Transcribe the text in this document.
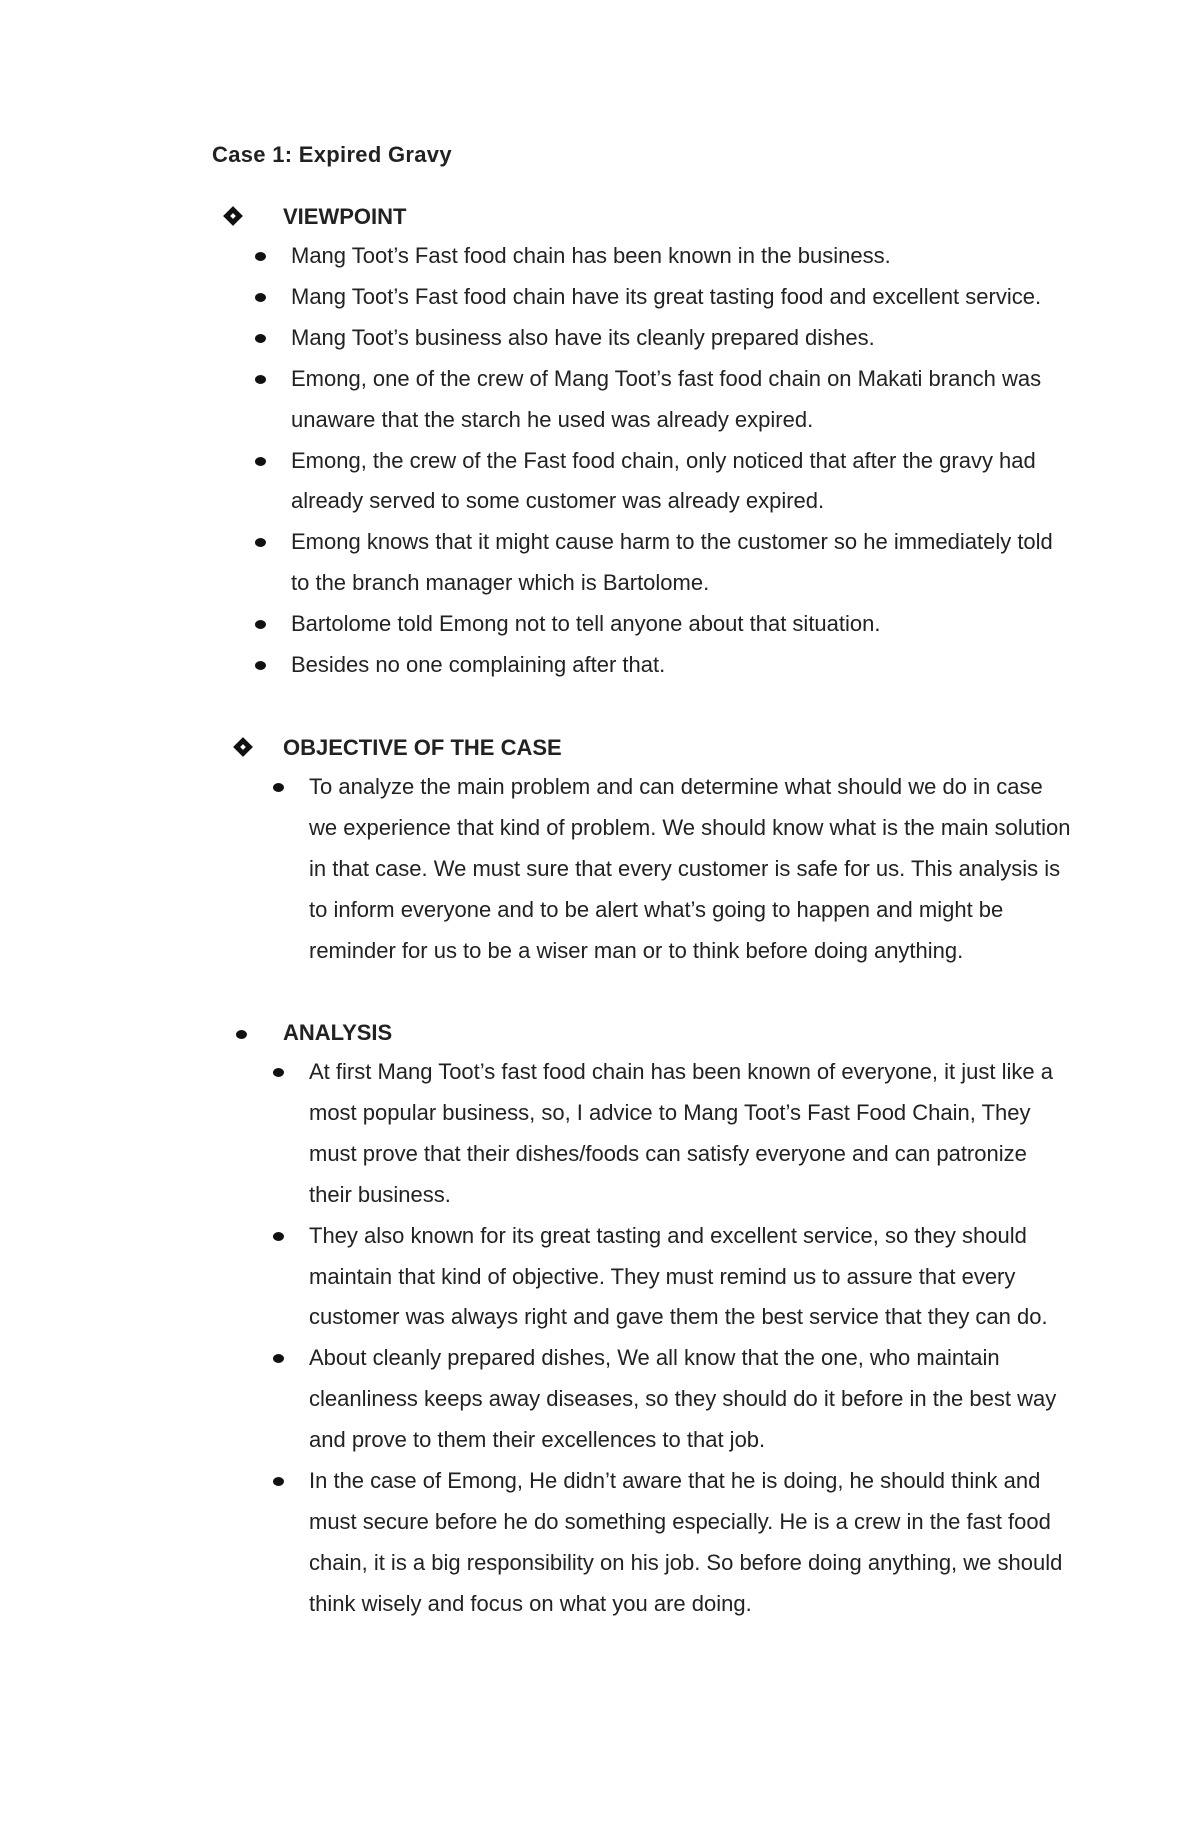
Case 1: Expired Gravy
VIEWPOINT
Mang Toot’s Fast food chain has been known in the business.
Mang Toot’s Fast food chain have its great tasting food and excellent service.
Mang Toot’s business also have its cleanly prepared dishes.
Emong, one of the crew of Mang Toot’s fast food chain on Makati branch was unaware that the starch he used was already expired.
Emong, the crew of the Fast food chain, only noticed that after the gravy had already served to some customer was already expired.
Emong knows that it might cause harm to the customer so he immediately told to the branch manager which is Bartolome.
Bartolome told Emong not to tell anyone about that situation.
Besides no one complaining after that.
OBJECTIVE OF THE CASE
To analyze the main problem and can determine what should we do in case we experience that kind of problem. We should know what is the main solution in that case. We must sure that every customer is safe for us. This analysis is to inform everyone and to be alert what’s going to happen and might be reminder for us to be a wiser man or to think before doing anything.
ANALYSIS
At first Mang Toot’s fast food chain has been known of everyone, it just like a most popular business, so, I advice to Mang Toot’s Fast Food Chain, They must prove that their dishes/foods can satisfy everyone and can patronize their business.
They also known for its great tasting and excellent service, so they should maintain that kind of objective. They must remind us to assure that every customer was always right and gave them the best service that they can do.
About cleanly prepared dishes, We all know that the one, who maintain cleanliness keeps away diseases, so they should do it before in the best way and prove to them their excellences to that job.
In the case of Emong, He didn’t aware that he is doing, he should think and must secure before he do something especially. He is a crew in the fast food chain, it is a big responsibility on his job. So before doing anything, we should think wisely and focus on what you are doing.
